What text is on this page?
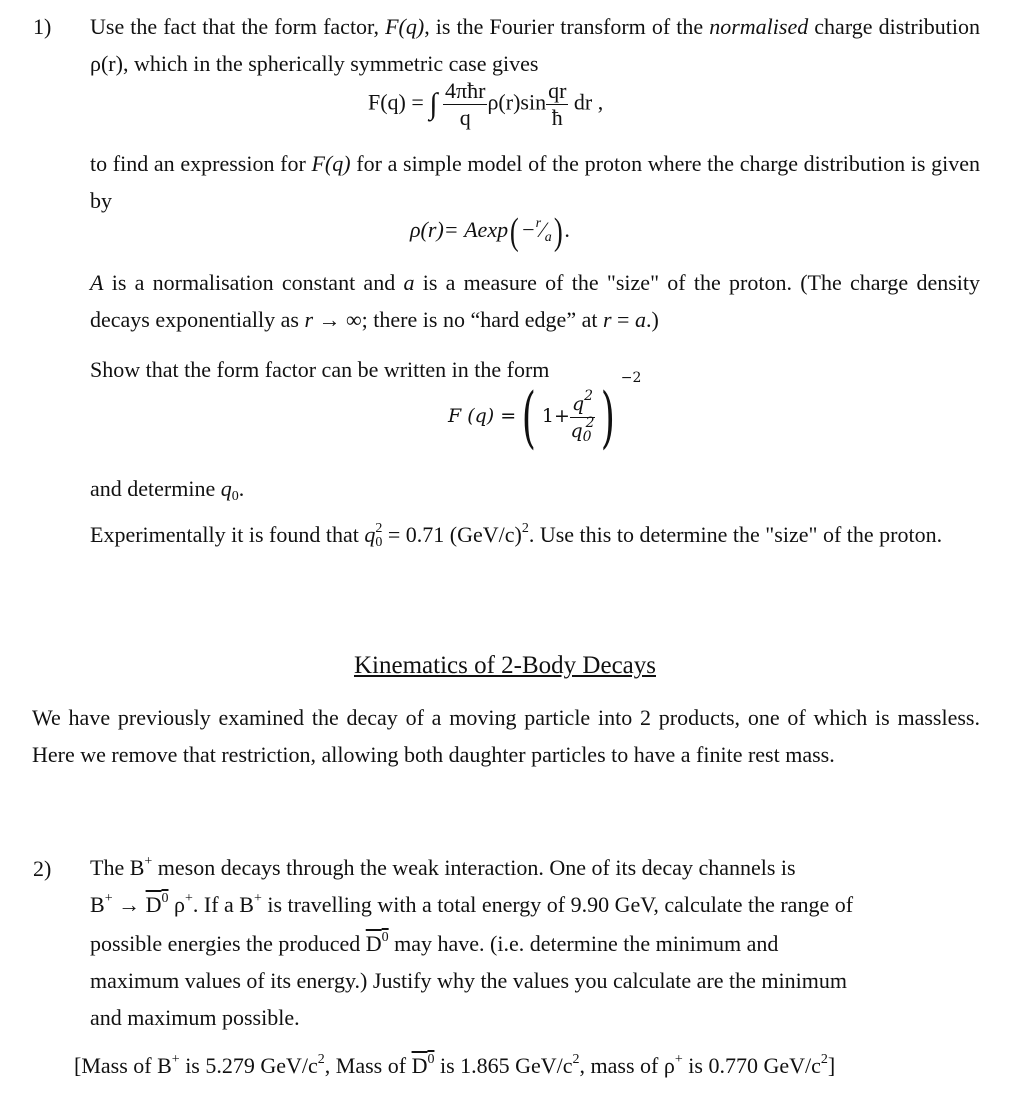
1) Use the fact that the form factor, F(q), is the Fourier transform of the normalised charge distribution ρ(r), which in the spherically symmetric case gives
F(q) = ∫ $\frac{\text{4πħr}}{q} \rho(r)\sin \frac{qr}{ħ}$ dr ,
to find an expression for F(q) for a simple model of the proton where the charge distribution is given by
$\rho(r)= Aexp(-^r⁄_a)$.
A is a normalisation constant and a is a measure of the "size" of the proton. (The charge density decays exponentially as r → ∞; there is no “hard edge” at r = a.)
Show that the form factor can be written in the form
F (q) =( $1+ \frac{q^2}{q_0^2} )^{-2}$
and determine $q_0$.
Experimentally it is found that $q^2_0 = 0.71$ $(GeV/c)^2$. Use this to determine the "size" of the proton.
Kinematics of 2-Body Decays
We have previously examined the decay of a moving particle into 2 products, one of which is massless. Here we remove that restriction, allowing both daughter particles to have a finite rest mass.
2) The B+ meson decays through the weak interaction. One of its decay channels is
$B^+ \to D^0$ ρ+. If a B+ is travelling with a total energy of 9.90 GeV, calculate the range of
possible energies the produced $D^0$ may have. (i.e. determine the minimum and
maximum values of its energy.) Justify why the values you calculate are the minimum
and maximum possible.
[Mass of B+ is 5.279 GeV/$c^2$, Mass of $D^0$ is 1.865 GeV/$c^2$, mass of ρ+ is 0.770 GeV/$c^2$]
